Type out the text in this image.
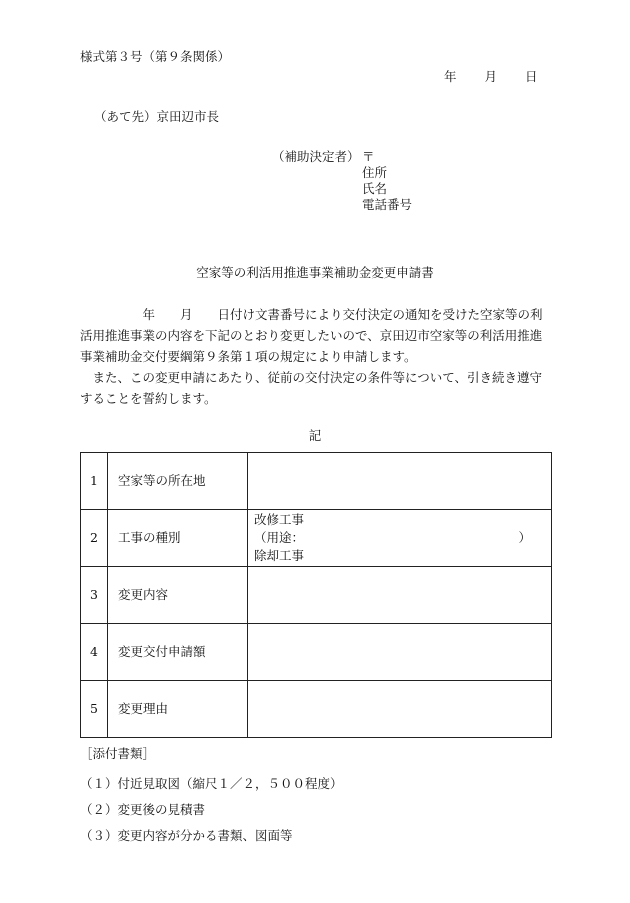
様式第３号（第９条関係）
年 月 日
（あて先）京田辺市長
（補助決定者） 〒
住所
氏名
電話番号
空家等の利活用推進事業補助金変更申請書

　　　　　年　　月　　日付け文書番号により交付決定の通知を受けた空家等の利活用推進事業の内容を下記のとおり変更したいので、京田辺市空家等の利活用推進事業補助金交付要綱第９条第１項の規定により申請します。

また、この変更申請にあたり、従前の交付決定の条件等について、引き続き遵守することを誓約します。

記
1	空家等の所在地	
2	工事の種別	改修工事
（用途： ）
除却工事

3	変更内容	
4	変更交付申請額	
5	変更理由	
［添付書類］
（１）付近見取図（縮尺１／２，５００程度）
（２）変更後の見積書
（３）変更内容が分かる書類、図面等
